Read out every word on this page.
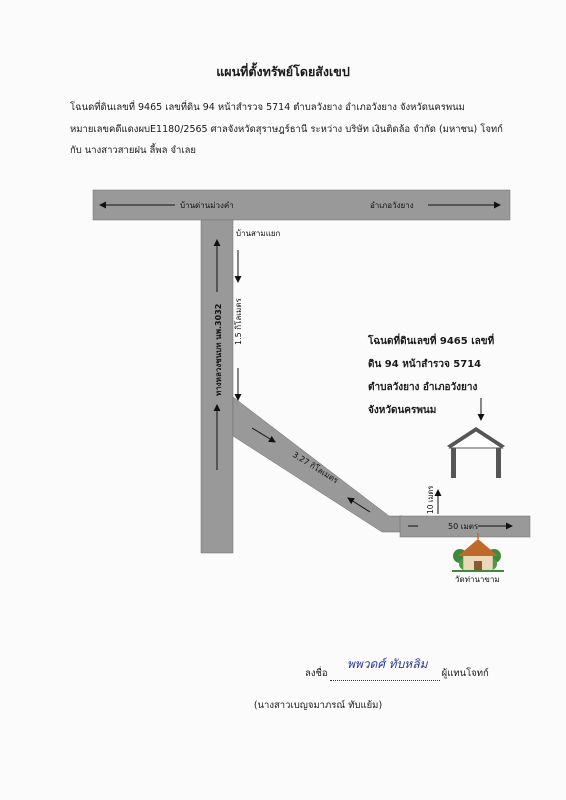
แผนที่ตั้งทรัพย์โดยสังเขป
โฉนดที่ดินเลขที่ 9465 เลขที่ดิน 94 หน้าสำรวจ 5714 ตำบลวังยาง อำเภอวังยาง จังหวัดนครพนม
หมายเลขคดีแดงผบE1180/2565 ศาลจังหวัดสุราษฎร์ธานี ระหว่าง บริษัท เงินติดล้อ จำกัด (มหาชน) โจทก์
กับ นางสาวสายฝน ลี้พล จำเลย
บ้านด่านม่วงคำ	อำเภอวังยาง
บ้านสามแยก
ทางหลวงชนบท นพ.3032 1.5 กิโลเมตร
3.27 กิโลเมตร
10 เมตร
50 เมตร
วัดท่านาขาม
โฉนดที่ดินเลขที่ 9465 เลขที่
ดิน 94 หน้าสำรวจ 5714
ตำบลวังยาง อำเภอวังยาง
จังหวัดนครพนม
พพวดศ์ ทับหลิม
ลงชื่อ	ผู้แทนโจทก์
(นางสาวเบญจมาภรณ์ ทับแย้ม)
